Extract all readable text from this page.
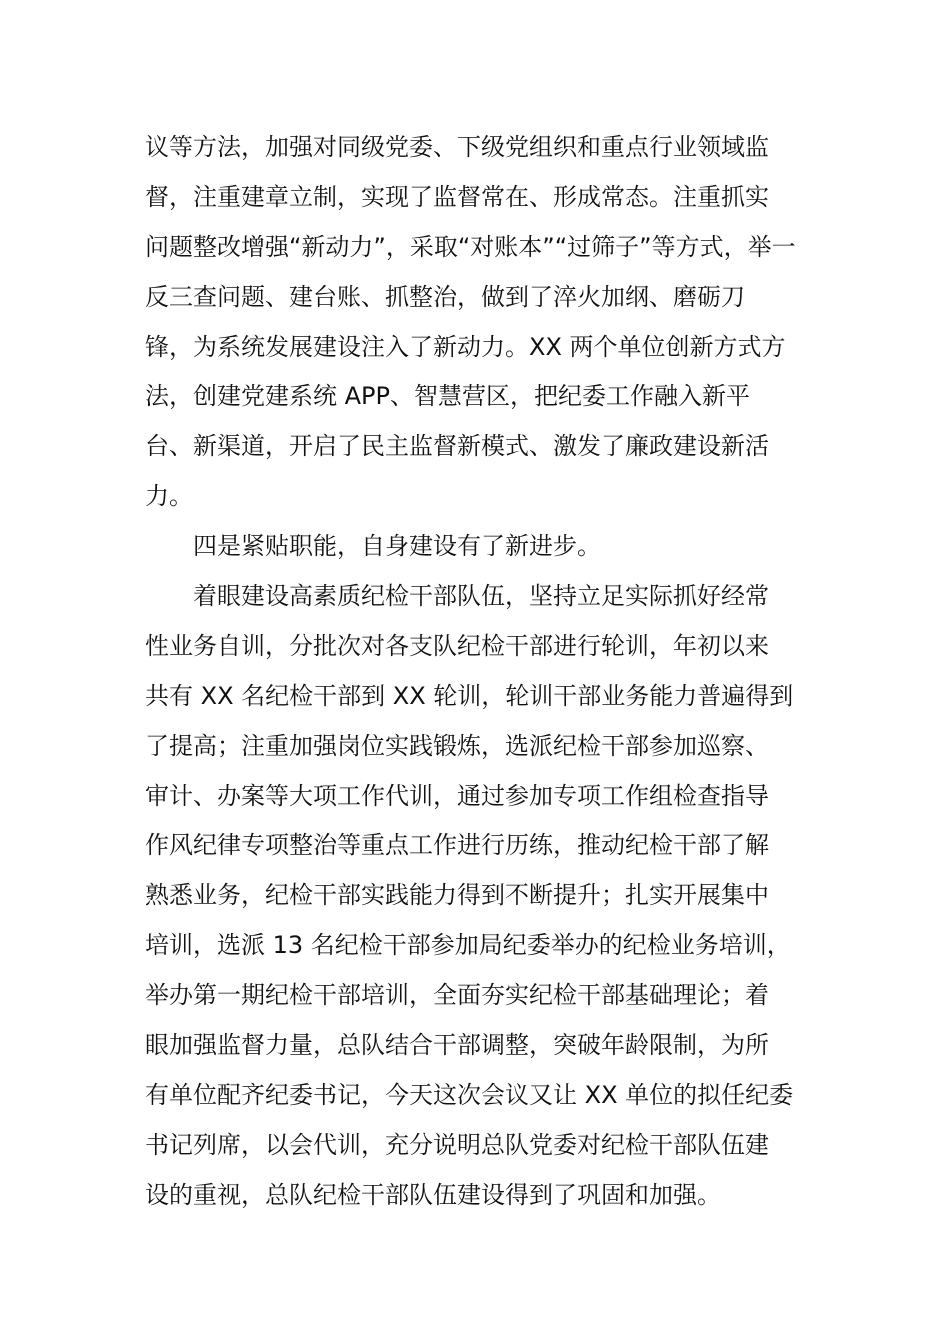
议等方法，加强对同级党委、下级党组织和重点行业领域监
督，注重建章立制，实现了监督常在、形成常态。注重抓实
问题整改增强“新动力”，采取“对账本”“过筛子”等方式，举一
反三查问题、建台账、抓整治，做到了淬火加纲、磨砺刀
锋，为系统发展建设注入了新动力。XX 两个单位创新方式方
法，创建党建系统 APP、智慧营区，把纪委工作融入新平
台、新渠道，开启了民主监督新模式、激发了廉政建设新活
力。
四是紧贴职能，自身建设有了新进步。
着眼建设高素质纪检干部队伍，坚持立足实际抓好经常
性业务自训，分批次对各支队纪检干部进行轮训，年初以来
共有 XX 名纪检干部到 XX 轮训，轮训干部业务能力普遍得到
了提高；注重加强岗位实践锻炼，选派纪检干部参加巡察、
审计、办案等大项工作代训，通过参加专项工作组检查指导
作风纪律专项整治等重点工作进行历练，推动纪检干部了解
熟悉业务，纪检干部实践能力得到不断提升；扎实开展集中
培训，选派 13 名纪检干部参加局纪委举办的纪检业务培训，
举办第一期纪检干部培训，全面夯实纪检干部基础理论；着
眼加强监督力量，总队结合干部调整，突破年龄限制，为所
有单位配齐纪委书记，今天这次会议又让 XX 单位的拟任纪委
书记列席，以会代训，充分说明总队党委对纪检干部队伍建
设的重视，总队纪检干部队伍建设得到了巩固和加强。
